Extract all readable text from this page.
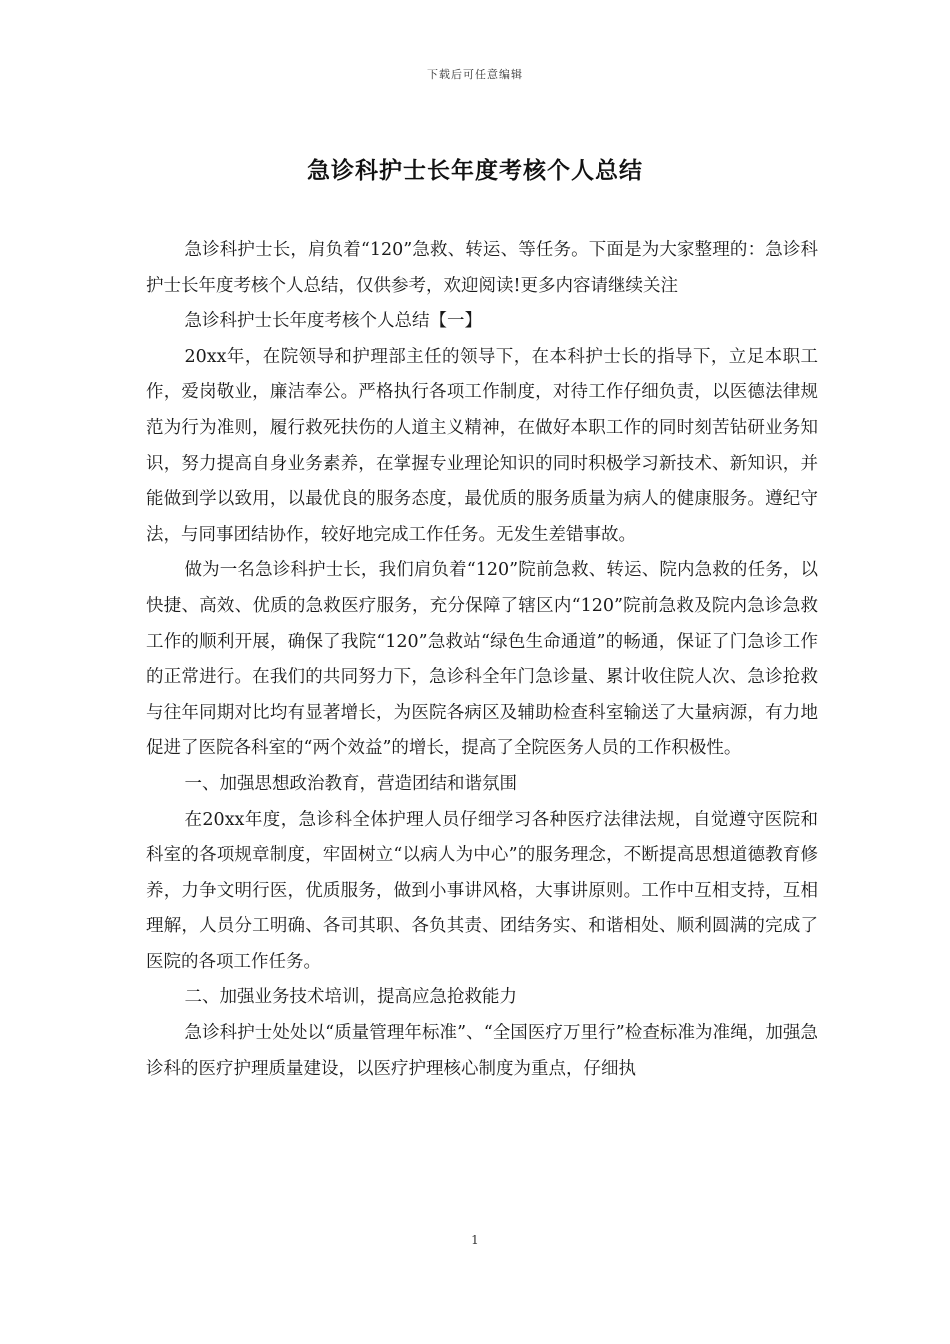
下载后可任意编辑
急诊科护士长年度考核个人总结

急诊科护士长，肩负着“120”急救、转运、等任务。下面是为大家整理的：急诊科护士长年度考核个人总结，仅供参考，欢迎阅读!更多内容请继续关注

急诊科护士长年度考核个人总结【一】

20xx年，在院领导和护理部主任的领导下，在本科护士长的指导下，立足本职工作，爱岗敬业，廉洁奉公。严格执行各项工作制度，对待工作仔细负责，以医德法律规范为行为准则，履行救死扶伤的人道主义精神，在做好本职工作的同时刻苦钻研业务知识，努力提高自身业务素养，在掌握专业理论知识的同时积极学习新技术、新知识，并能做到学以致用，以最优良的服务态度，最优质的服务质量为病人的健康服务。遵纪守法，与同事团结协作，较好地完成工作任务。无发生差错事故。

做为一名急诊科护士长，我们肩负着“120”院前急救、转运、院内急救的任务，以快捷、高效、优质的急救医疗服务，充分保障了辖区内“120”院前急救及院内急诊急救工作的顺利开展，确保了我院“120”急救站“绿色生命通道”的畅通，保证了门急诊工作的正常进行。在我们的共同努力下，急诊科全年门急诊量、累计收住院人次、急诊抢救与往年同期对比均有显著增长，为医院各病区及辅助检查科室输送了大量病源，有力地促进了医院各科室的“两个效益”的增长，提高了全院医务人员的工作积极性。

一、加强思想政治教育，营造团结和谐氛围

在20xx年度，急诊科全体护理人员仔细学习各种医疗法律法规，自觉遵守医院和科室的各项规章制度，牢固树立“以病人为中心”的服务理念，不断提高思想道德教育修养，力争文明行医，优质服务，做到小事讲风格，大事讲原则。工作中互相支持，互相理解，人员分工明确、各司其职、各负其责、团结务实、和谐相处、顺利圆满的完成了医院的各项工作任务。

二、加强业务技术培训，提高应急抢救能力

急诊科护士处处以“质量管理年标准”、“全国医疗万里行”检查标准为准绳，加强急诊科的医疗护理质量建设，以医疗护理核心制度为重点，仔细执

1
